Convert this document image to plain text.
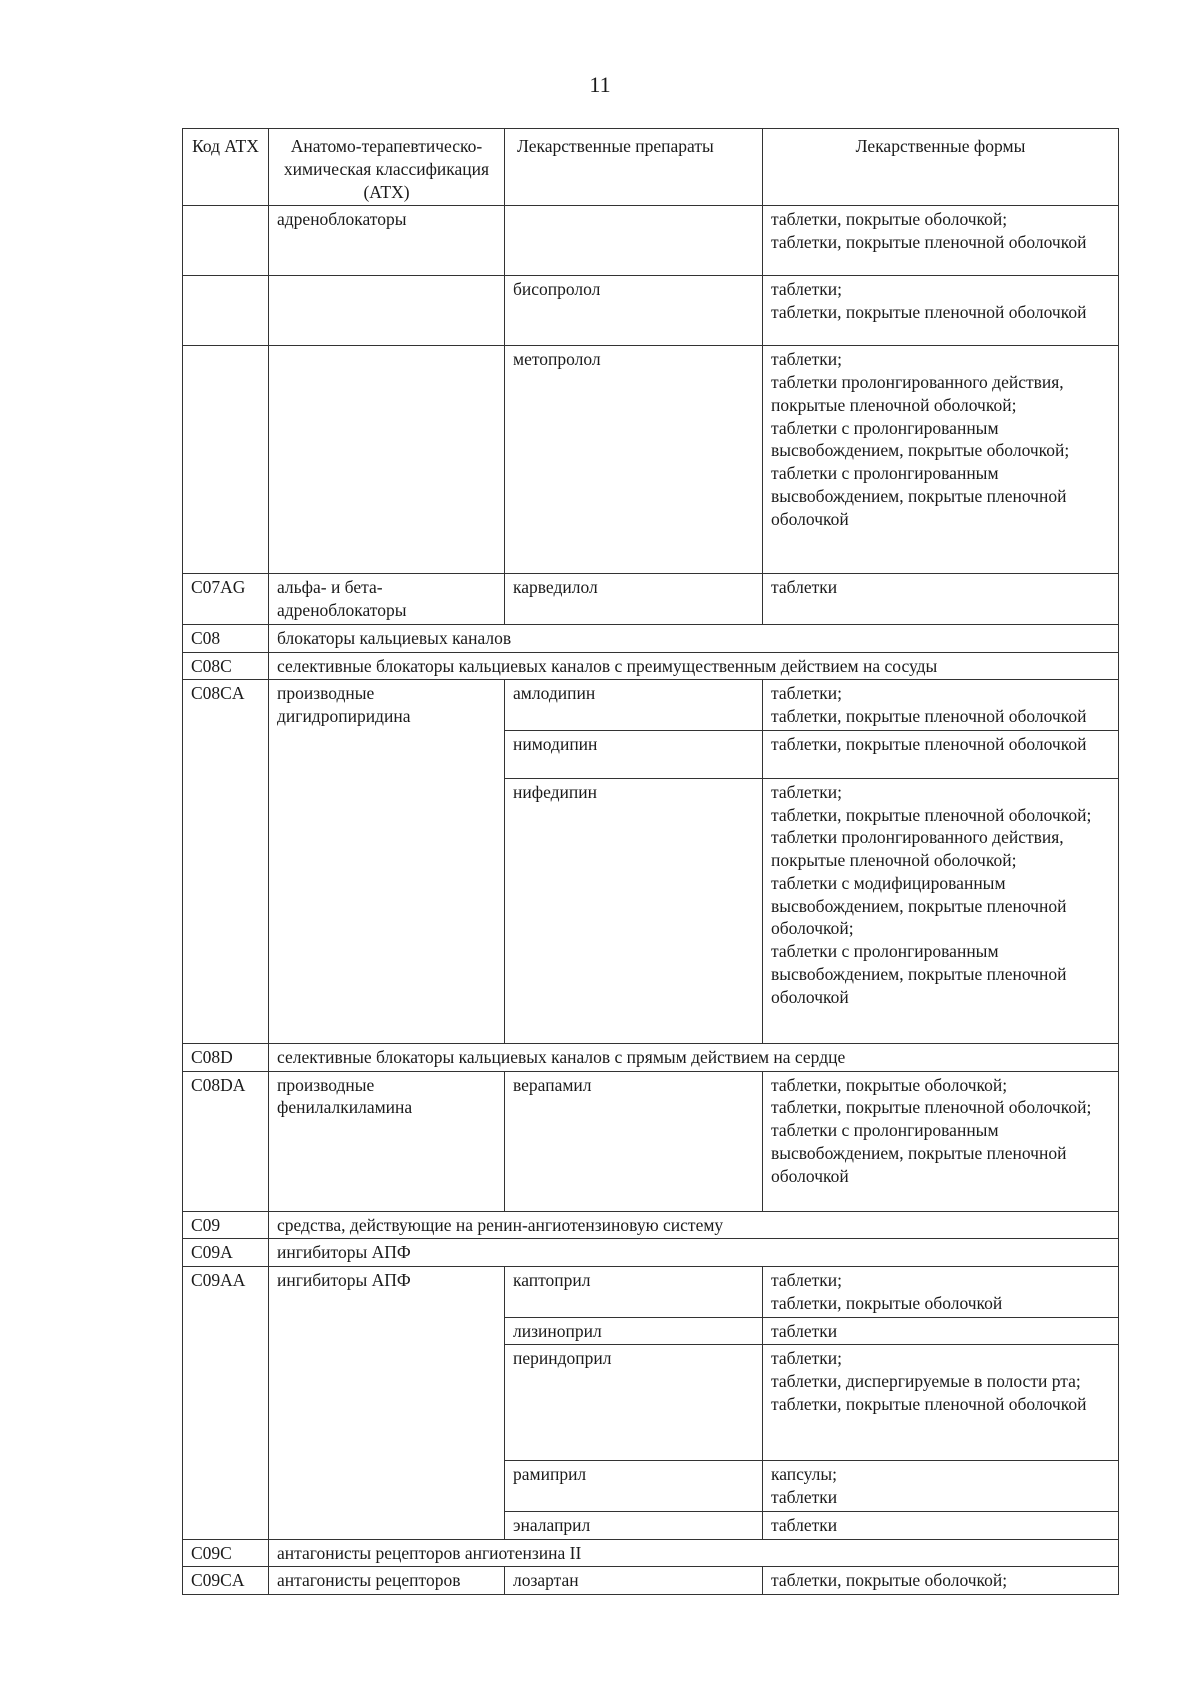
11
Код АТХ	Анатомо-терапевтическо-химическая классификация (АТХ)	Лекарственные препараты	Лекарственные формы
	адреноблокаторы		таблетки, покрытые оболочкой;
таблетки, покрытые пленочной оболочкой
		бисопролол	таблетки;
таблетки, покрытые пленочной оболочкой
		метопролол	таблетки;
таблетки пролонгированного действия, покрытые пленочной оболочкой;
таблетки с пролонгированным высвобождением, покрытые оболочкой;
таблетки с пролонгированным высвобождением, покрытые пленочной оболочкой
C07AG	альфа- и бета-адреноблокаторы	карведилол	таблетки
C08	блокаторы кальциевых каналов		
C08C	селективные блокаторы кальциевых каналов с преимущественным действием на сосуды		
C08CA	производные дигидропиридина	амлодипин	таблетки;
таблетки, покрытые пленочной оболочкой
		нимодипин	таблетки, покрытые пленочной оболочкой
		нифедипин	таблетки;
таблетки, покрытые пленочной оболочкой; таблетки пролонгированного действия, покрытые пленочной оболочкой;
таблетки с модифицированным высвобождением, покрытые пленочной оболочкой;
таблетки с пролонгированным высвобождением, покрытые пленочной оболочкой
C08D	селективные блокаторы кальциевых каналов с прямым действием на сердце		
C08DA	производные фенилалкиламина	верапамил	таблетки, покрытые оболочкой;
таблетки, покрытые пленочной оболочкой;
таблетки с пролонгированным высвобождением, покрытые пленочной оболочкой
C09	средства, действующие на ренин-ангиотензиновую систему		
C09A	ингибиторы АПФ		
C09AA	ингибиторы АПФ	каптоприл	таблетки;
таблетки, покрытые оболочкой
		лизиноприл	таблетки
		периндоприл	таблетки;
таблетки, диспергируемые в полости рта;
таблетки, покрытые пленочной оболочкой
		рамиприл	капсулы;
таблетки
		эналаприл	таблетки
C09C	антагонисты рецепторов ангиотензина II		
C09CA	антагонисты рецепторов	лозартан	таблетки, покрытые оболочкой;
